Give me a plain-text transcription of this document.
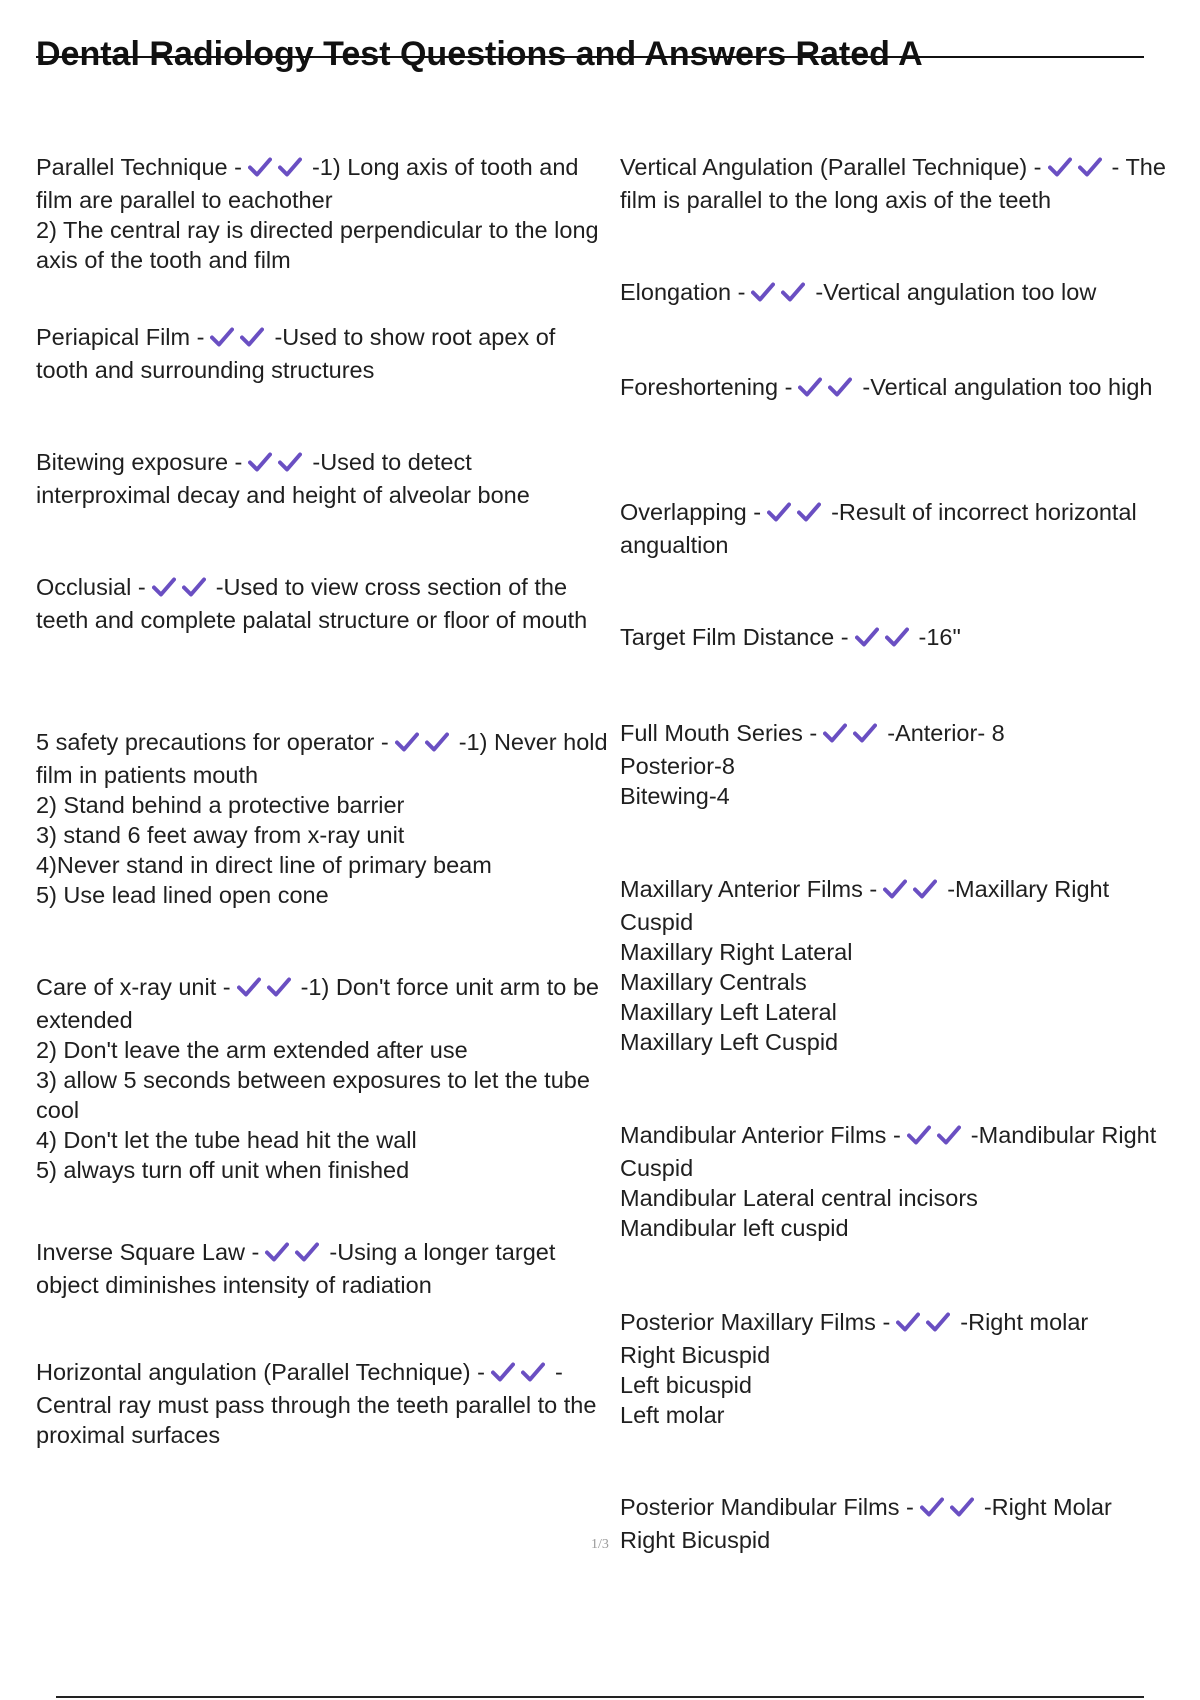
Dental Radiology Test Questions and Answers Rated A

Parallel Technique -	-1) Long axis of tooth and film are parallel to eachother
2) The central ray is directed perpendicular to the long axis of the tooth and film

Periapical Film -	-Used to show root apex of tooth and surrounding structures

Bitewing exposure -	-Used to detect interproximal decay and height of alveolar bone

Occlusial -	-Used to view cross section of the teeth and complete palatal structure or floor of mouth

5 safety precautions for operator -	-1) Never hold film in patients mouth
2) Stand behind a protective barrier
3) stand 6 feet away from x-ray unit
4)Never stand in direct line of primary beam
5) Use lead lined open cone

Care of x-ray unit -	-1) Don't force unit arm to be extended
2) Don't leave the arm extended after use
3) allow 5 seconds between exposures to let the tube cool
4) Don't let the tube head hit the wall
5) always turn off unit when finished

Inverse Square Law -	-Using a longer target object diminishes intensity of radiation

Horizontal angulation (Parallel Technique) -	-Central ray must pass through the teeth parallel to the proximal surfaces

Vertical Angulation (Parallel Technique) -	- The film is parallel to the long axis of the teeth

Elongation -	-Vertical angulation too low

Foreshortening -	-Vertical angulation too high

Overlapping -	-Result of incorrect horizontal angualtion

Target Film Distance -	-16"

Full Mouth Series -	-Anterior- 8
Posterior-8
Bitewing-4

Maxillary Anterior Films -	-Maxillary Right Cuspid
Maxillary Right Lateral
Maxillary Centrals
Maxillary Left Lateral
Maxillary Left Cuspid

Mandibular Anterior Films -	-Mandibular Right Cuspid
Mandibular Lateral central incisors
Mandibular left cuspid

Posterior Maxillary Films -	-Right molar
Right Bicuspid
Left bicuspid
Left molar

Posterior Mandibular Films -	-Right Molar
Right Bicuspid

1/3
